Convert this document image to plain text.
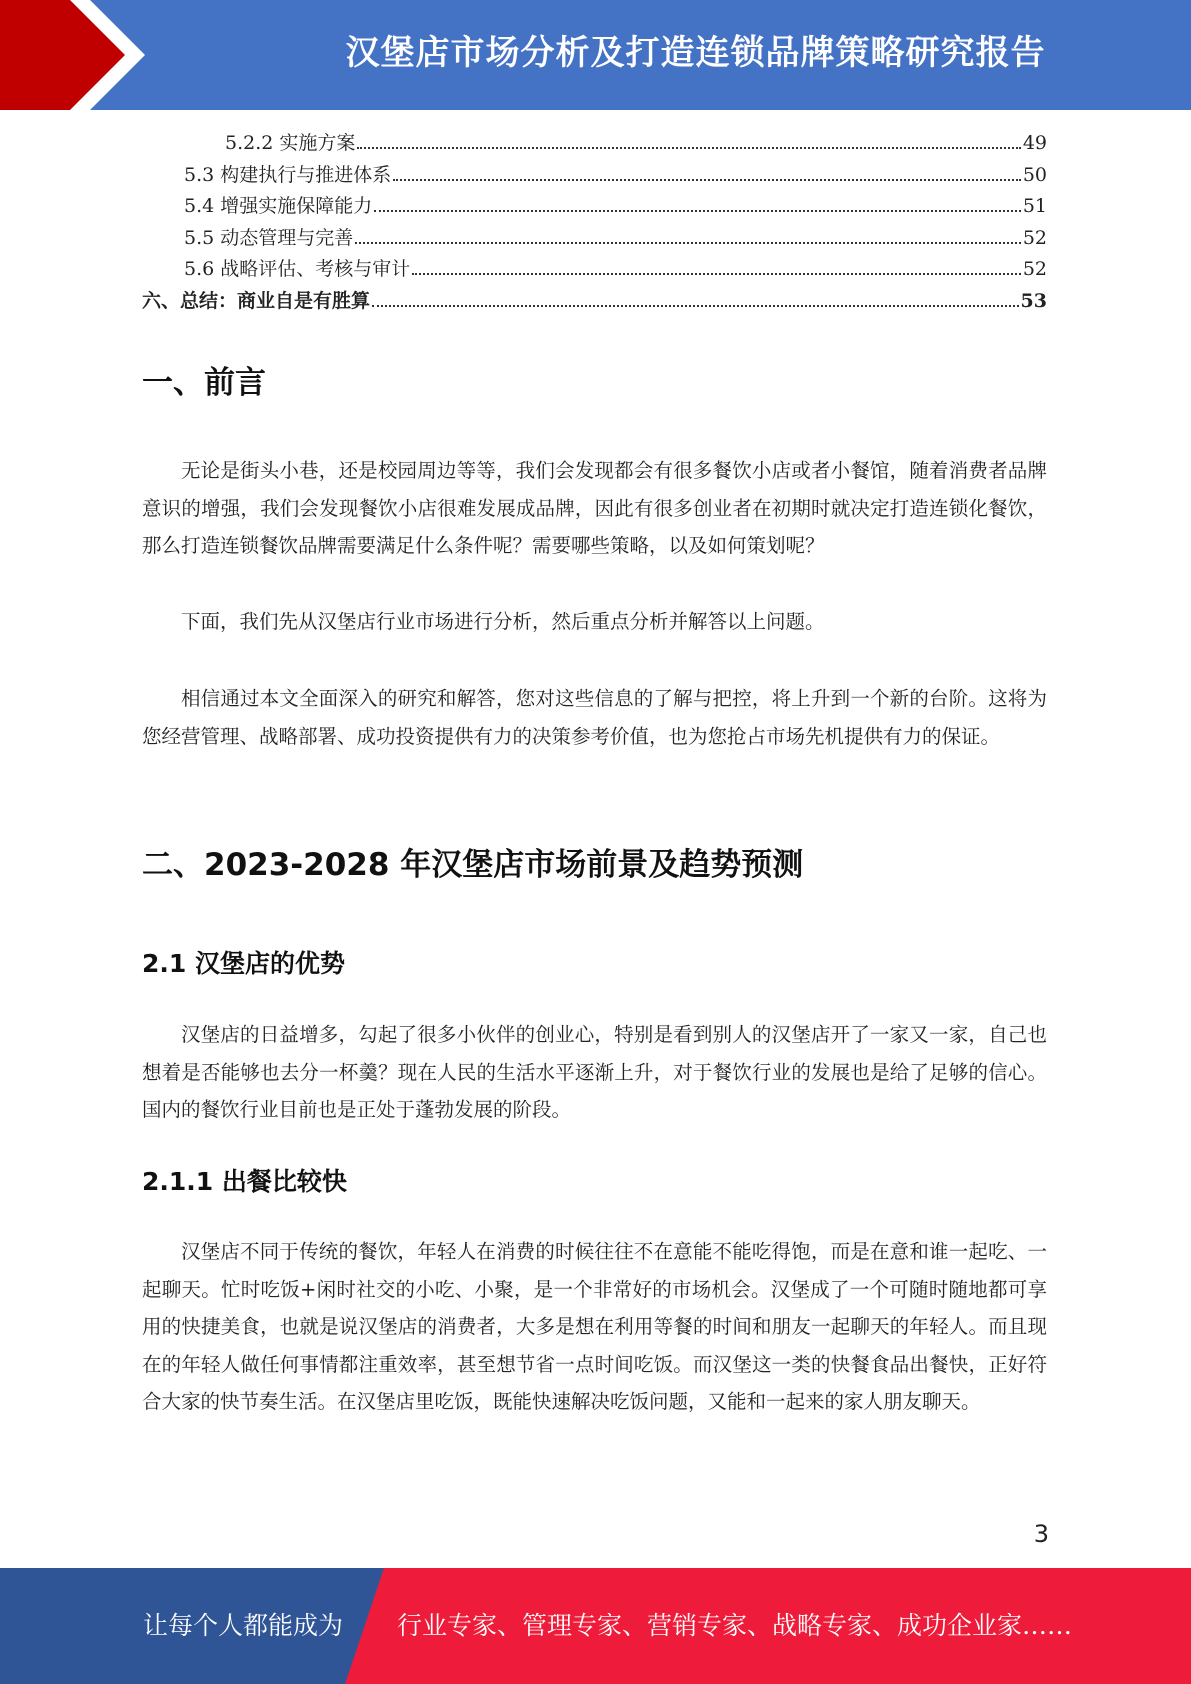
汉堡店市场分析及打造连锁品牌策略研究报告
5.2.2 实施方案	49
5.3 构建执行与推进体系	50
5.4 增强实施保障能力	51
5.5 动态管理与完善	52
5.6 战略评估、考核与审计	52
六、总结：商业自是有胜算	53
一、前言
无论是街头小巷，还是校园周边等等，我们会发现都会有很多餐饮小店或者小餐馆，随着消费者品牌意识的增强，我们会发现餐饮小店很难发展成品牌，因此有很多创业者在初期时就决定打造连锁化餐饮，那么打造连锁餐饮品牌需要满足什么条件呢？需要哪些策略，以及如何策划呢？
下面，我们先从汉堡店行业市场进行分析，然后重点分析并解答以上问题。
相信通过本文全面深入的研究和解答，您对这些信息的了解与把控，将上升到一个新的台阶。这将为您经营管理、战略部署、成功投资提供有力的决策参考价值，也为您抢占市场先机提供有力的保证。
二、2023-2028 年汉堡店市场前景及趋势预测
2.1 汉堡店的优势
汉堡店的日益增多，勾起了很多小伙伴的创业心，特别是看到别人的汉堡店开了一家又一家，自己也想着是否能够也去分一杯羹？现在人民的生活水平逐渐上升，对于餐饮行业的发展也是给了足够的信心。国内的餐饮行业目前也是正处于蓬勃发展的阶段。
2.1.1 出餐比较快
汉堡店不同于传统的餐饮，年轻人在消费的时候往往不在意能不能吃得饱，而是在意和谁一起吃、一起聊天。忙时吃饭+闲时社交的小吃、小聚，是一个非常好的市场机会。汉堡成了一个可随时随地都可享用的快捷美食，也就是说汉堡店的消费者，大多是想在利用等餐的时间和朋友一起聊天的年轻人。而且现在的年轻人做任何事情都注重效率，甚至想节省一点时间吃饭。而汉堡这一类的快餐食品出餐快，正好符合大家的快节奏生活。在汉堡店里吃饭，既能快速解决吃饭问题，又能和一起来的家人朋友聊天。
3
让每个人都能成为 行业专家、管理专家、营销专家、战略专家、成功企业家……
